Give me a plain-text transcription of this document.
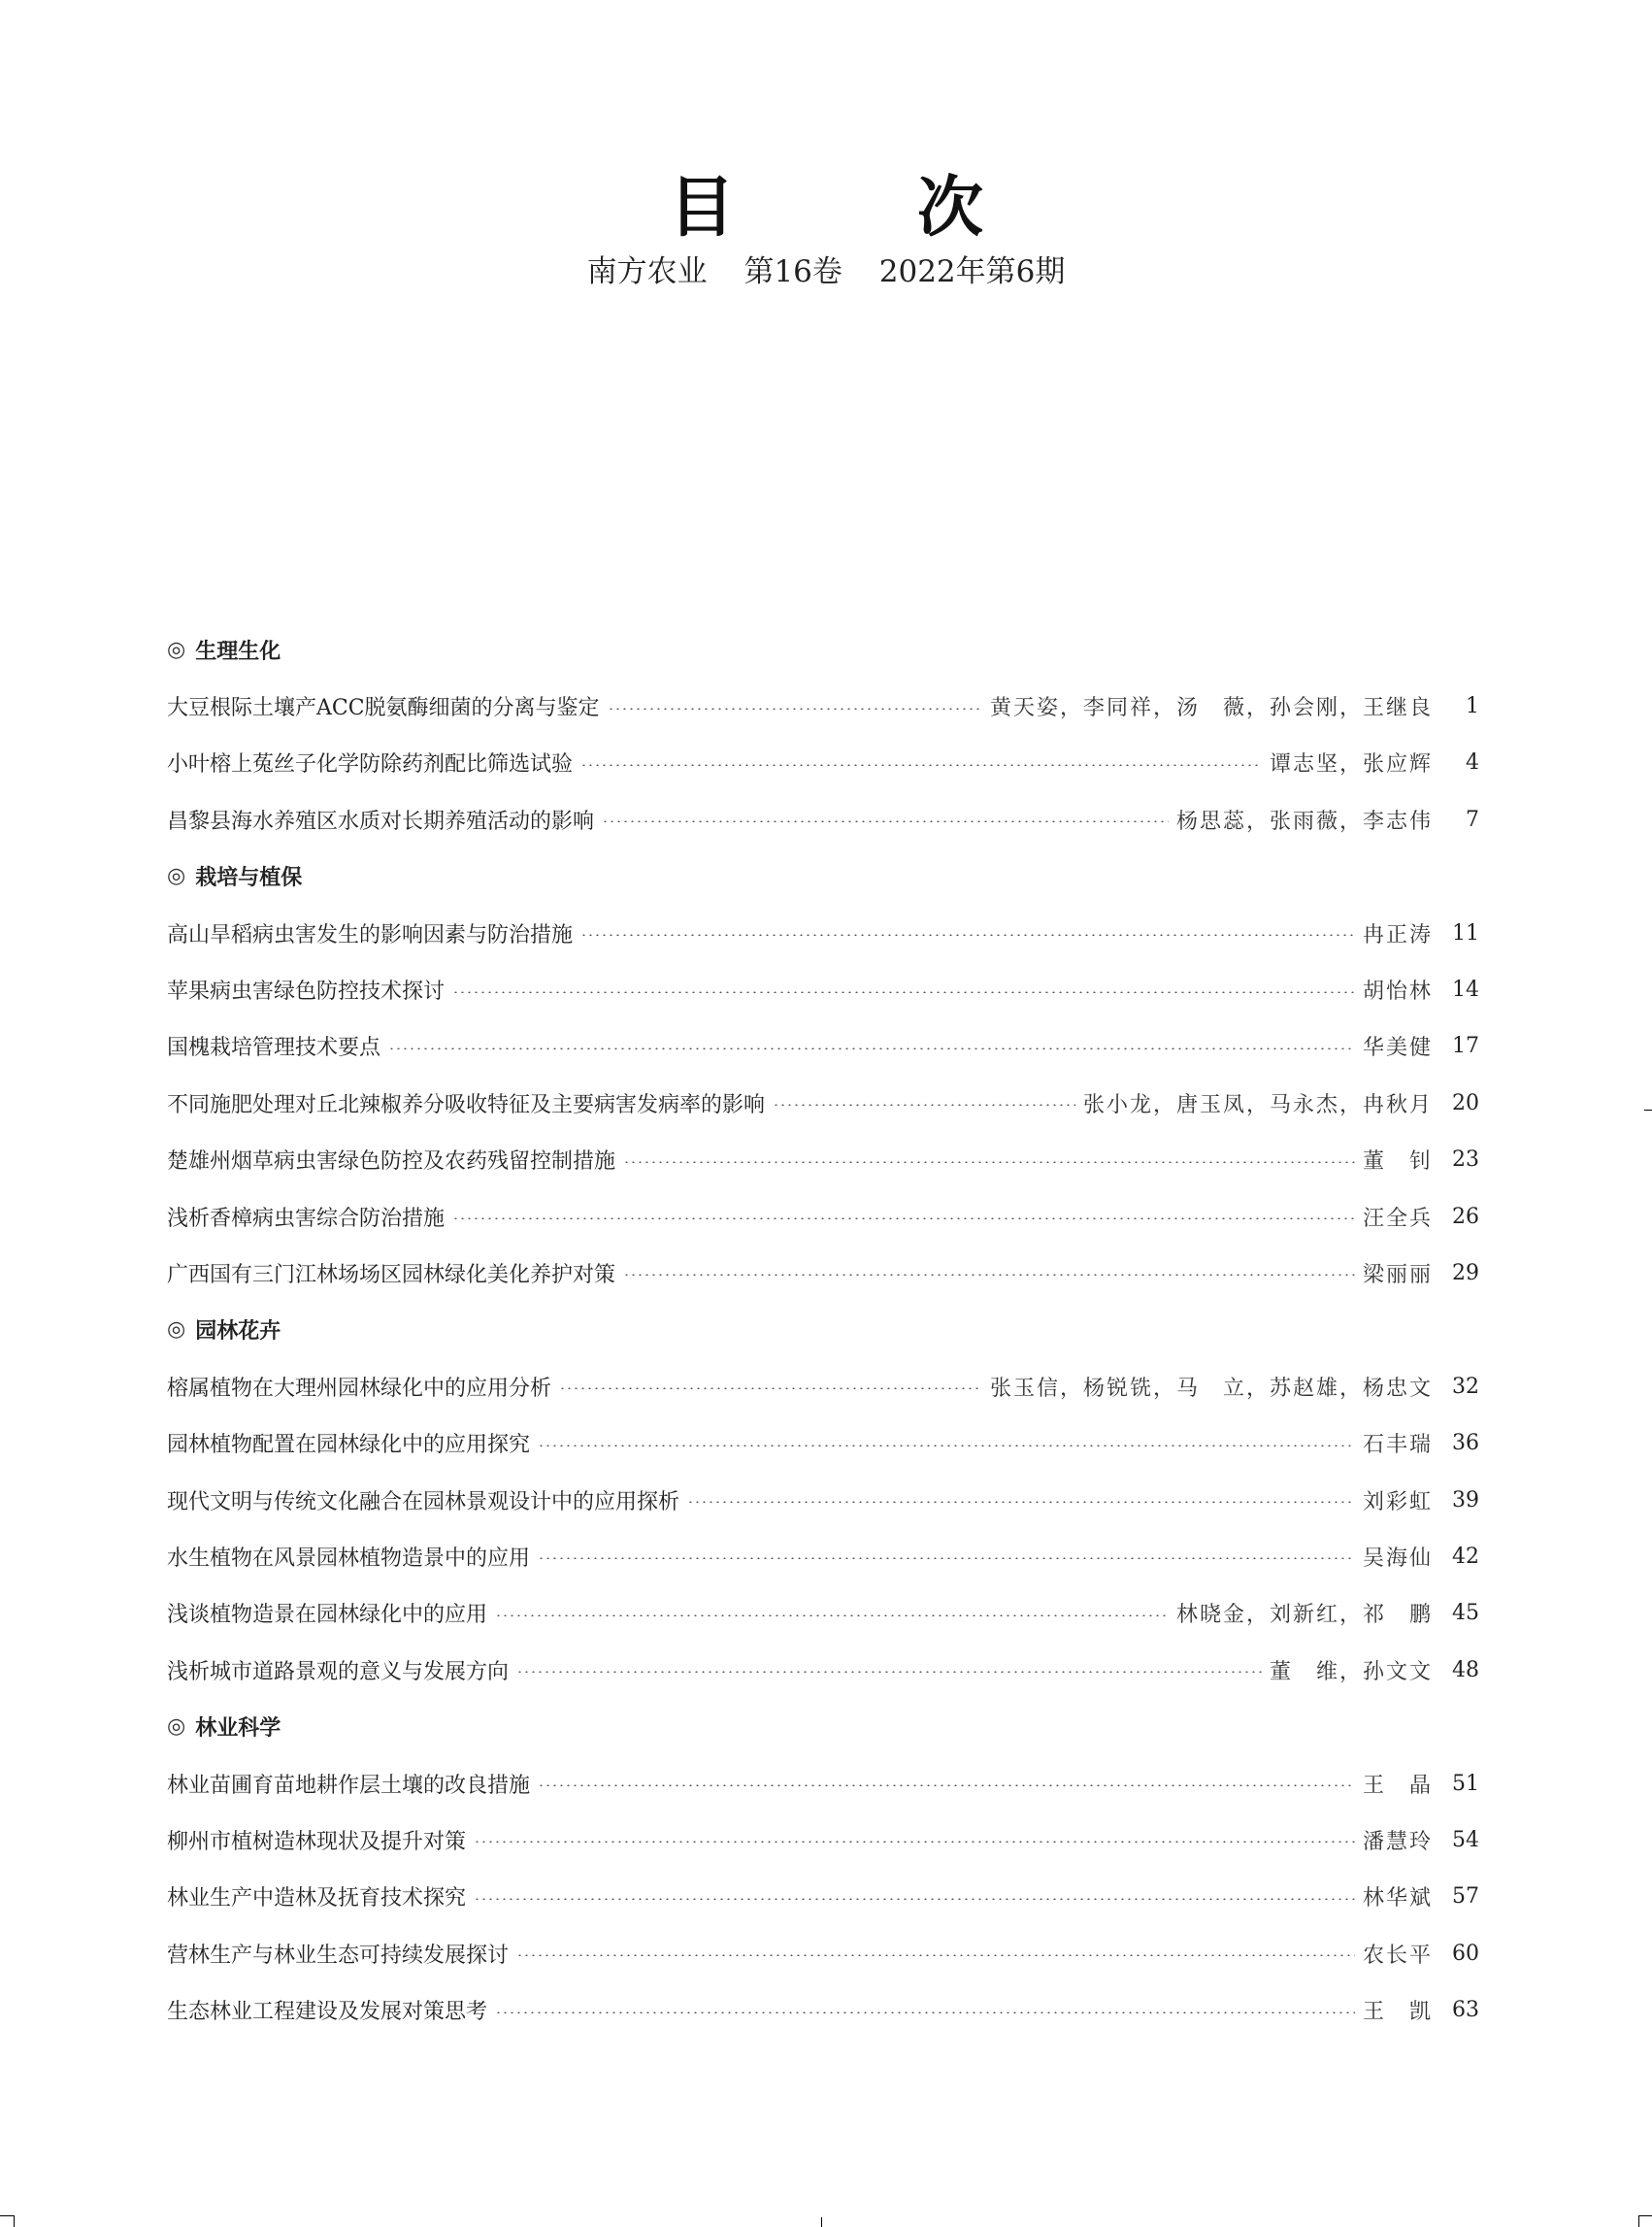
目　次
南方农业 第16卷 2022年第6期
◎ 生理生化
大豆根际土壤产ACC脱氨酶细菌的分离与鉴定	黄天姿，李同祥，汤　薇，孙会刚，王继良	1
小叶榕上菟丝子化学防除药剂配比筛选试验	谭志坚，张应辉	4
昌黎县海水养殖区水质对长期养殖活动的影响	杨思蕊，张雨薇，李志伟	7
◎ 栽培与植保
高山旱稻病虫害发生的影响因素与防治措施	冉正涛 11
苹果病虫害绿色防控技术探讨	胡怡林 14
国槐栽培管理技术要点	华美健 17
不同施肥处理对丘北辣椒养分吸收特征及主要病害发病率的影响	张小龙，唐玉凤，马永杰，冉秋月 20
楚雄州烟草病虫害绿色防控及农药残留控制措施	董　钊 23
浅析香樟病虫害综合防治措施	汪全兵 26
广西国有三门江林场场区园林绿化美化养护对策	梁丽丽 29
◎ 园林花卉
榕属植物在大理州园林绿化中的应用分析	张玉信，杨锐铣，马　立，苏赵雄，杨忠文 32
园林植物配置在园林绿化中的应用探究	石丰瑞 36
现代文明与传统文化融合在园林景观设计中的应用探析	刘彩虹 39
水生植物在风景园林植物造景中的应用	吴海仙 42
浅谈植物造景在园林绿化中的应用	林晓金，刘新红，祁　鹏 45
浅析城市道路景观的意义与发展方向	董　维，孙文文 48
◎ 林业科学
林业苗圃育苗地耕作层土壤的改良措施	王　晶 51
柳州市植树造林现状及提升对策	潘慧玲 54
林业生产中造林及抚育技术探究	林华斌 57
营林生产与林业生态可持续发展探讨	农长平 60
生态林业工程建设及发展对策思考	王　凯 63
